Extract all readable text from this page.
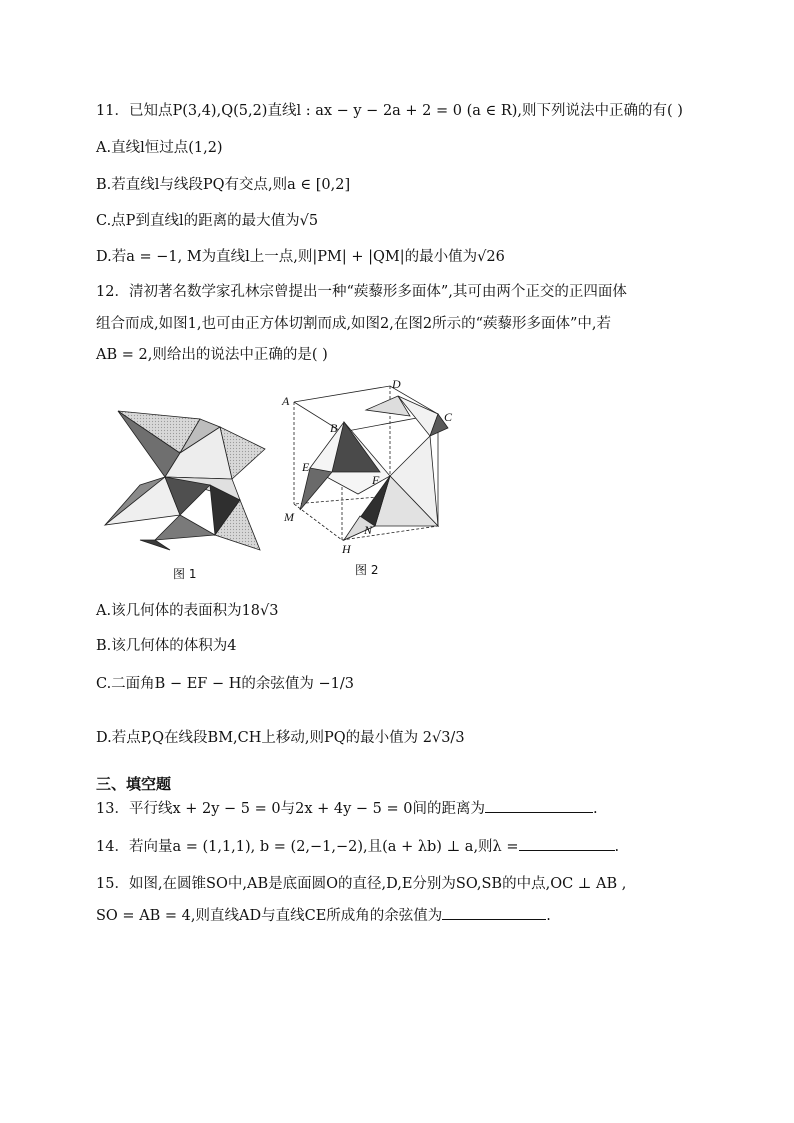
11．已知点P(3,4),Q(5,2)直线l : ax − y − 2a + 2 = 0 (a ∈ R),则下列说法中正确的有( )
A.直线l恒过点(1,2)
B.若直线l与线段PQ有交点,则a ∈ [0,2]
C.点P到直线l的距离的最大值为√5
D.若a = −1, M为直线l上一点,则|PM| + |QM|的最小值为√26
12．清初著名数学家孔林宗曾提出一种“蒺藜形多面体”,其可由两个正交的正四面体
组合而成,如图1,也可由正方体切割而成,如图2,在图2所示的“蒺藜形多面体”中,若
AB = 2,则给出的说法中正确的是( )
图 1
A
B
C
D
E
F
M
N
H
图 2
A.该几何体的表面积为18√3
B.该几何体的体积为4
C.二面角B − EF − H的余弦值为 −1/3
D.若点P,Q在线段BM,CH上移动,则PQ的最小值为 2√3/3
三、填空题
13．平行线x + 2y − 5 = 0与2x + 4y − 5 = 0间的距离为	.
14．若向量a = (1,1,1), b = (2,−1,−2),且(a + λb) ⊥ a,则λ =	.
15．如图,在圆锥SO中,AB是底面圆O的直径,D,E分别为SO,SB的中点,OC ⊥ AB ,
SO = AB = 4,则直线AD与直线CE所成角的余弦值为	.
